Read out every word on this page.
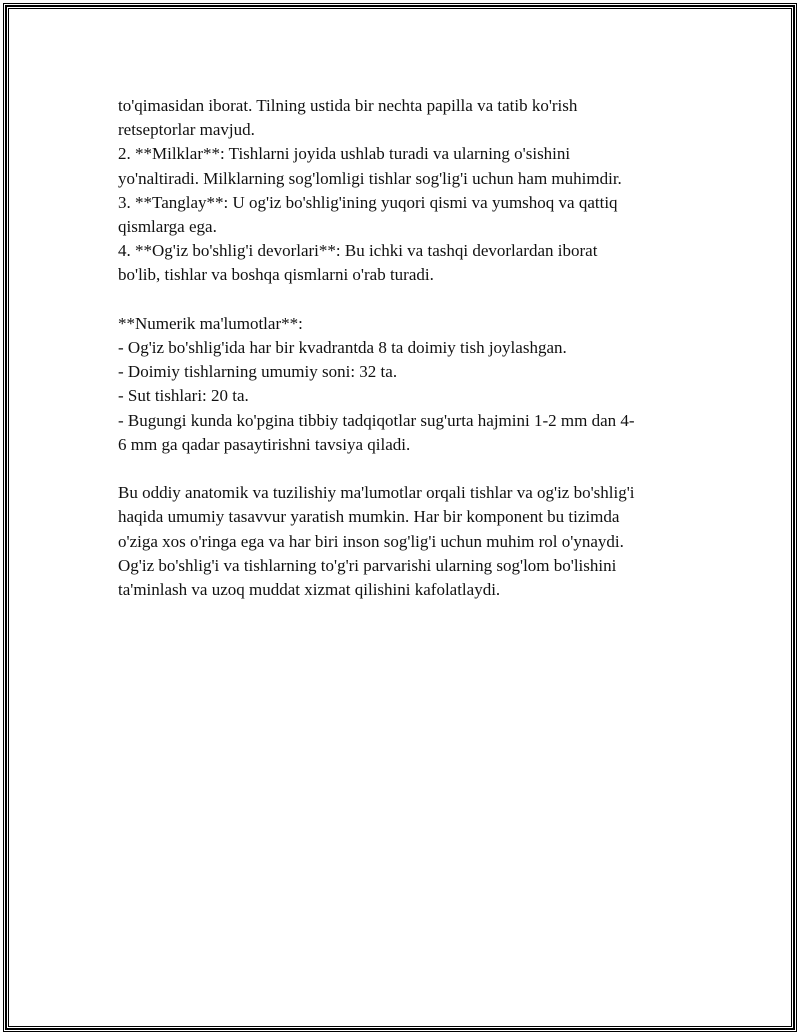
to'qimasidan iborat. Tilning ustida bir nechta papilla va tatib ko'rish
retseptorlar mavjud.

2. **Milklar**: Tishlarni joyida ushlab turadi va ularning o'sishini
yo'naltiradi. Milklarning sog'lomligi tishlar sog'lig'i uchun ham muhimdir.

3. **Tanglay**: U og'iz bo'shlig'ining yuqori qismi va yumshoq va qattiq
qismlarga ega.

4. **Og'iz bo'shlig'i devorlari**: Bu ichki va tashqi devorlardan iborat
bo'lib, tishlar va boshqa qismlarni o'rab turadi.

**Numerik ma'lumotlar**:
- Og'iz bo'shlig'ida har bir kvadrantda 8 ta doimiy tish joylashgan.
- Doimiy tishlarning umumiy soni: 32 ta.
- Sut tishlari: 20 ta.
- Bugungi kunda ko'pgina tibbiy tadqiqotlar sug'urta hajmini 1-2 mm dan 4-
6 mm ga qadar pasaytirishni tavsiya qiladi.

Bu oddiy anatomik va tuzilishiy ma'lumotlar orqali tishlar va og'iz bo'shlig'i
haqida umumiy tasavvur yaratish mumkin. Har bir komponent bu tizimda
o'ziga xos o'ringa ega va har biri inson sog'lig'i uchun muhim rol o'ynaydi.
Og'iz bo'shlig'i va tishlarning to'g'ri parvarishi ularning sog'lom bo'lishini
ta'minlash va uzoq muddat xizmat qilishini kafolatlaydi.
